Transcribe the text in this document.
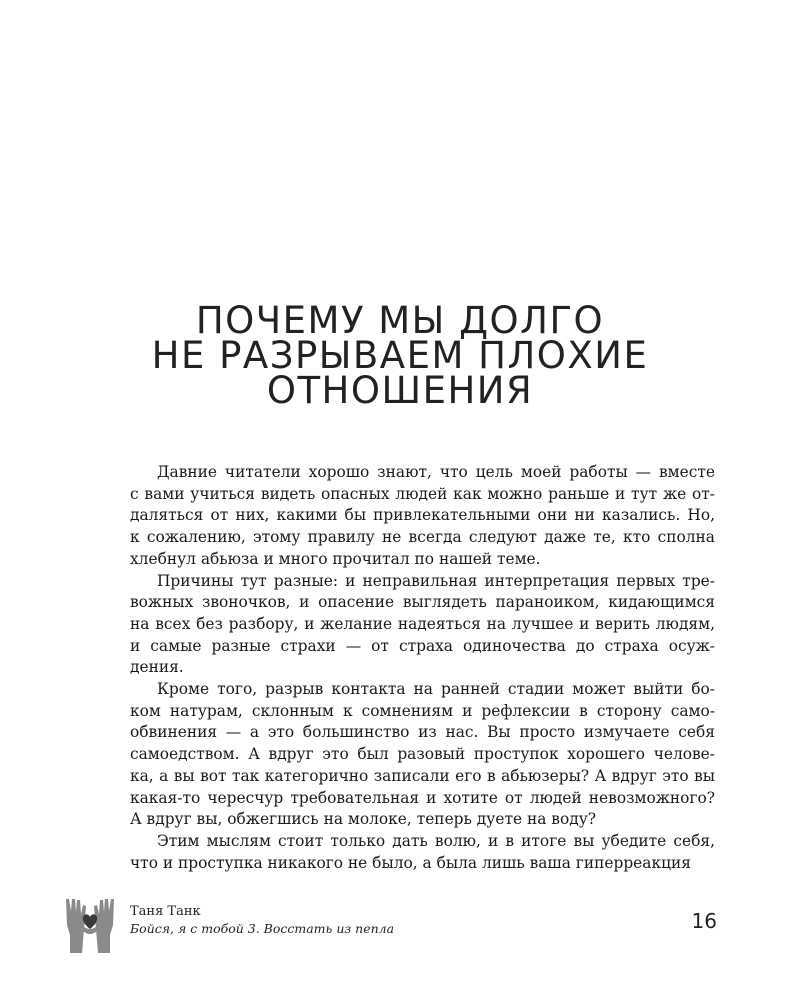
ПОЧЕМУ МЫ ДОЛГО
НЕ РАЗРЫВАЕМ ПЛОХИЕ
ОТНОШЕНИЯ

Давние читатели хорошо знают, что цель моей работы — вместе
с вами учиться видеть опасных людей как можно раньше и тут же от-
даляться от них, какими бы привлекательными они ни казались. Но,
к сожалению, этому правилу не всегда следуют даже те, кто сполна
хлебнул абьюза и много прочитал по нашей теме.

Причины тут разные: и неправильная интерпретация первых тре-
вожных звоночков, и опасение выглядеть параноиком, кидающимся
на всех без разбору, и желание надеяться на лучшее и верить людям,
и самые разные страхи — от страха одиночества до страха осуж-
дения.

Кроме того, разрыв контакта на ранней стадии может выйти бо-
ком натурам, склонным к сомнениям и рефлексии в сторону само-
обвинения — а это большинство из нас. Вы просто измучаете себя
самоедством. А вдруг это был разовый проступок хорошего челове-
ка, а вы вот так категорично записали его в абьюзеры? А вдруг это вы
какая-то чересчур требовательная и хотите от людей невозможного?
А вдруг вы, обжегшись на молоке, теперь дуете на воду?

Этим мыслям стоит только дать волю, и в итоге вы убедите себя,
что и проступка никакого не было, а была лишь ваша гиперреакция

Таня Танк
Бойся, я с тобой 3. Восстать из пепла	16
